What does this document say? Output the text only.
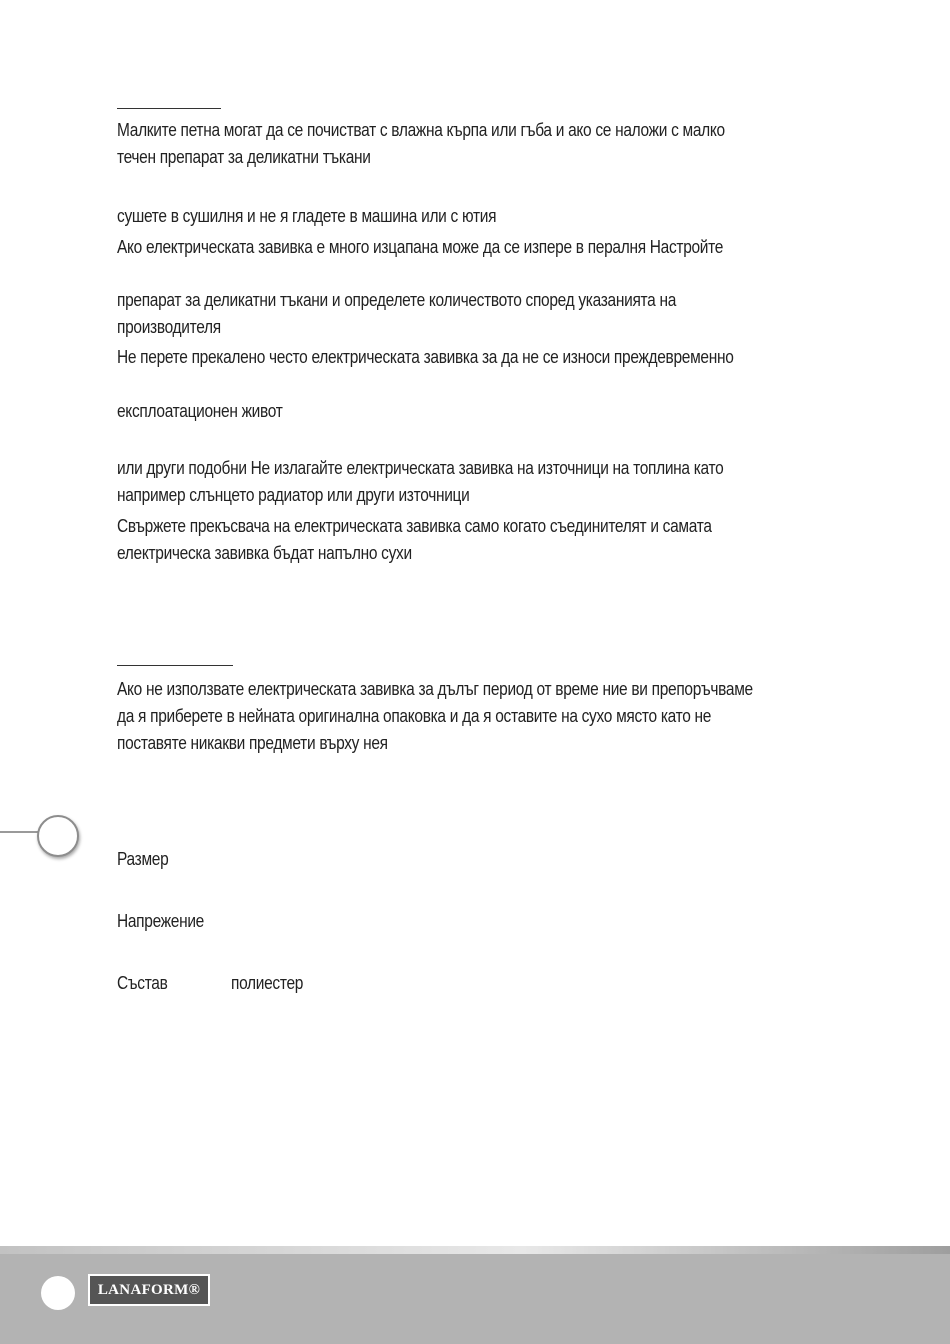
Малките петна могат да се почистват с влажна кърпа или гъба и ако се наложи с малко

течен препарат за деликатни тъкани

сушете в сушилня и не я гладете в машина или с ютия

Ако електрическата завивка е много изцапана може да се изпере в пералня Настройте

препарат за деликатни тъкани и определете количеството според указанията на

производителя

Не перете прекалено често електрическата завивка за да не се износи преждевременно

експлоатационен живот

или други подобни Не излагайте електрическата завивка на източници на топлина като

например слънцето радиатор или други източници

Свържете прекъсвача на електрическата завивка само когато съединителят и самата

електрическа завивка бъдат напълно сухи

Ако не използвате електрическата завивка за дълъг период от време ние ви препоръчваме

да я приберете в нейната оригинална опаковка и да я оставите на сухо място като не

поставяте никакви предмети върху нея

Размер

Напрежение

Състав	полиестер

LANAFORM®
